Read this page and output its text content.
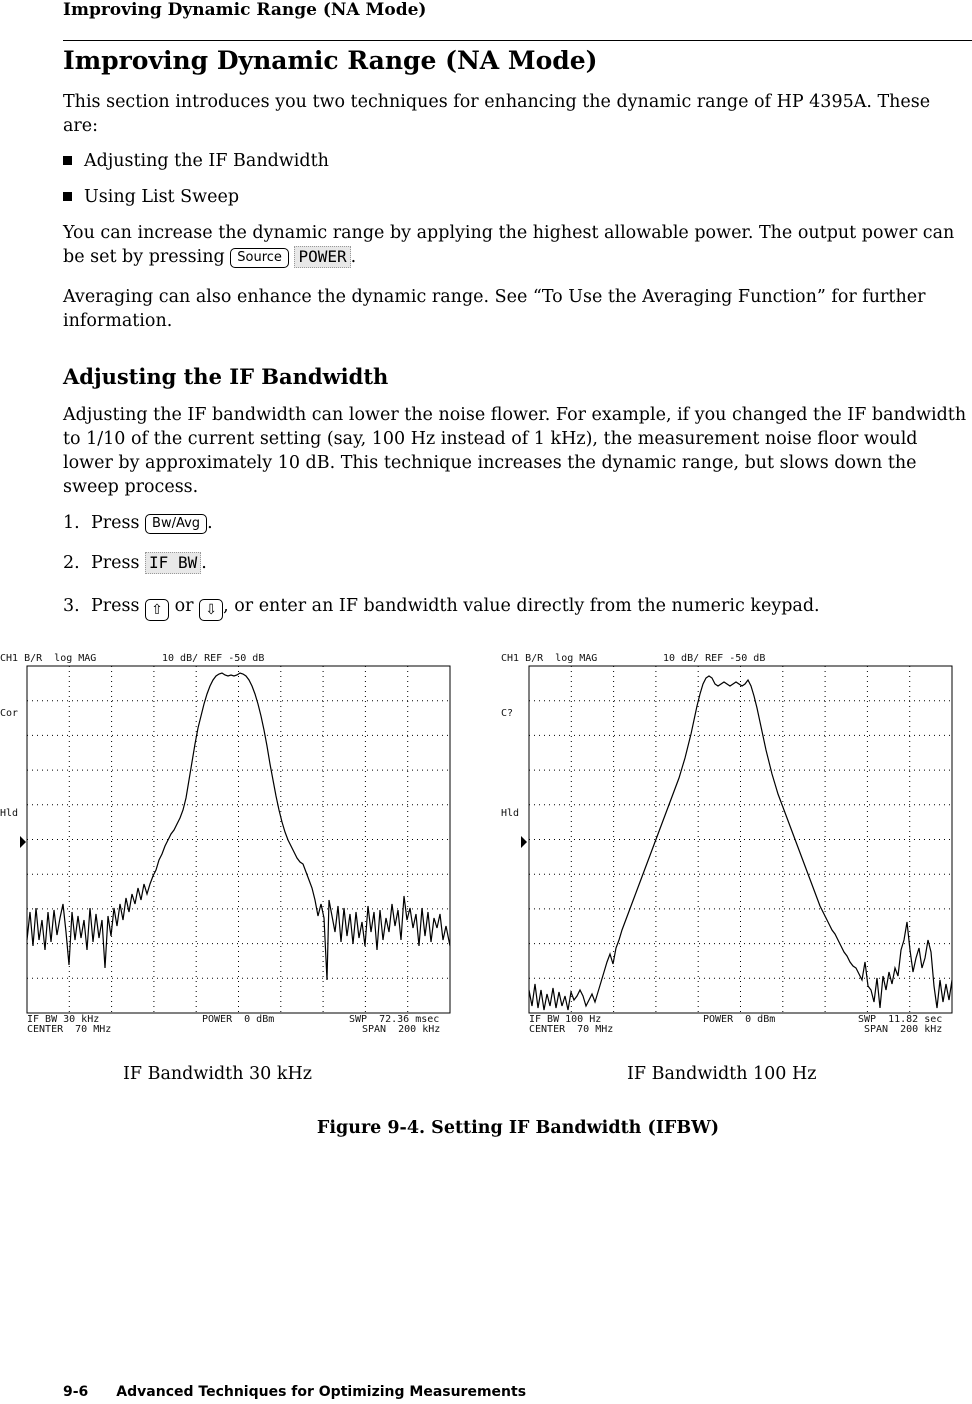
Improving Dynamic Range (NA Mode)
Improving Dynamic Range (NA Mode)

This section introduces you two techniques for enhancing the dynamic range of HP 4395A. These are:

Adjusting the IF Bandwidth
Using List Sweep

You can increase the dynamic range by applying the highest allowable power. The output power can be set by pressing Source POWER .

Averaging can also enhance the dynamic range. See “To Use the Averaging Function” for further information.

Adjusting the IF Bandwidth

Adjusting the IF bandwidth can lower the noise flower. For example, if you changed the IF bandwidth to 1/10 of the current setting (say, 100 Hz instead of 1 kHz), the measurement noise floor would lower by approximately 10 dB. This technique increases the dynamic range, but slows down the sweep process.

1. Press Bw/Avg .
2. Press IF BW .
3. Press ⇧ or ⇩ , or enter an IF bandwidth value directly from the numeric keypad.
CH1 B/R  log MAG	10 dB/ REF -50 dB
Cor
Hld
IF BW 30 kHz	POWER  0 dBm	SWP  72.36 msec
CENTER  70 MHz	SPAN  200 kHz
CH1 B/R  log MAG	10 dB/ REF -50 dB
C?
Hld
IF BW 100 Hz	POWER  0 dBm	SWP  11.82 sec
CENTER  70 MHz	SPAN  200 kHz
IF Bandwidth 30 kHz	IF Bandwidth 100 Hz
Figure 9-4. Setting IF Bandwidth (IFBW)
9-6 Advanced Techniques for Optimizing Measurements
